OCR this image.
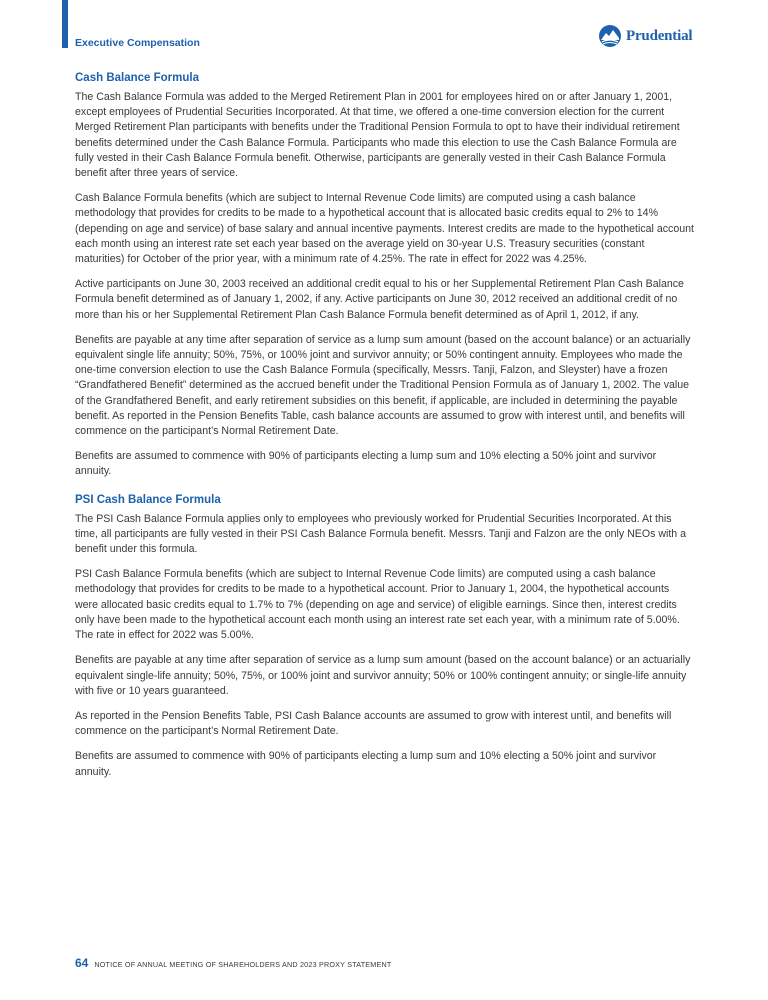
Executive Compensation	Prudential
Cash Balance Formula

The Cash Balance Formula was added to the Merged Retirement Plan in 2001 for employees hired on or after January 1, 2001, except employees of Prudential Securities Incorporated. At that time, we offered a one-time conversion election for the current Merged Retirement Plan participants with benefits under the Traditional Pension Formula to opt to have their individual retirement benefits determined under the Cash Balance Formula. Participants who made this election to use the Cash Balance Formula are fully vested in their Cash Balance Formula benefit. Otherwise, participants are generally vested in their Cash Balance Formula benefit after three years of service.

Cash Balance Formula benefits (which are subject to Internal Revenue Code limits) are computed using a cash balance methodology that provides for credits to be made to a hypothetical account that is allocated basic credits equal to 2% to 14% (depending on age and service) of base salary and annual incentive payments. Interest credits are made to the hypothetical account each month using an interest rate set each year based on the average yield on 30-year U.S. Treasury securities (constant maturities) for October of the prior year, with a minimum rate of 4.25%. The rate in effect for 2022 was 4.25%.

Active participants on June 30, 2003 received an additional credit equal to his or her Supplemental Retirement Plan Cash Balance Formula benefit determined as of January 1, 2002, if any. Active participants on June 30, 2012 received an additional credit of no more than his or her Supplemental Retirement Plan Cash Balance Formula benefit determined as of April 1, 2012, if any.

Benefits are payable at any time after separation of service as a lump sum amount (based on the account balance) or an actuarially equivalent single life annuity; 50%, 75%, or 100% joint and survivor annuity; or 50% contingent annuity. Employees who made the one-time conversion election to use the Cash Balance Formula (specifically, Messrs. Tanji, Falzon, and Sleyster) have a frozen “Grandfathered Benefit” determined as the accrued benefit under the Traditional Pension Formula as of January 1, 2002. The value of the Grandfathered Benefit, and early retirement subsidies on this benefit, if applicable, are included in determining the payable benefit. As reported in the Pension Benefits Table, cash balance accounts are assumed to grow with interest until, and benefits will commence on the participant’s Normal Retirement Date.

Benefits are assumed to commence with 90% of participants electing a lump sum and 10% electing a 50% joint and survivor annuity.

PSI Cash Balance Formula

The PSI Cash Balance Formula applies only to employees who previously worked for Prudential Securities Incorporated. At this time, all participants are fully vested in their PSI Cash Balance Formula benefit. Messrs. Tanji and Falzon are the only NEOs with a benefit under this formula.

PSI Cash Balance Formula benefits (which are subject to Internal Revenue Code limits) are computed using a cash balance methodology that provides for credits to be made to a hypothetical account. Prior to January 1, 2004, the hypothetical accounts were allocated basic credits equal to 1.7% to 7% (depending on age and service) of eligible earnings. Since then, interest credits only have been made to the hypothetical account each month using an interest rate set each year, with a minimum rate of 5.00%. The rate in effect for 2022 was 5.00%.

Benefits are payable at any time after separation of service as a lump sum amount (based on the account balance) or an actuarially equivalent single-life annuity; 50%, 75%, or 100% joint and survivor annuity; 50% or 100% contingent annuity; or single-life annuity with five or 10 years guaranteed.

As reported in the Pension Benefits Table, PSI Cash Balance accounts are assumed to grow with interest until, and benefits will commence on the participant’s Normal Retirement Date.

Benefits are assumed to commence with 90% of participants electing a lump sum and 10% electing a 50% joint and survivor annuity.

64 NOTICE OF ANNUAL MEETING OF SHAREHOLDERS AND 2023 PROXY STATEMENT
